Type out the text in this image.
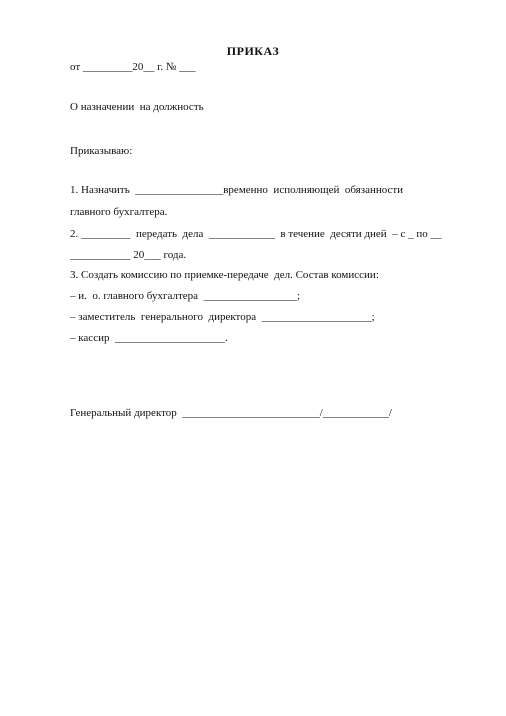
ПРИКАЗ
от _________20__ г. № ___
О назначении  на должность
Приказываю:
1. Назначить  ________________временно  исполняющей  обязанности
главного бухгалтера.
2. _________  передать  дела  ____________  в течение  десяти дней  – с _ по __
___________ 20___ года.
3. Создать комиссию по приемке-передаче  дел. Состав комиссии:
– и.  о. главного бухгалтера  _________________;
– заместитель  генерального  директора  ____________________;
– кассир  ____________________.
Генеральный директор  _________________________/____________/
